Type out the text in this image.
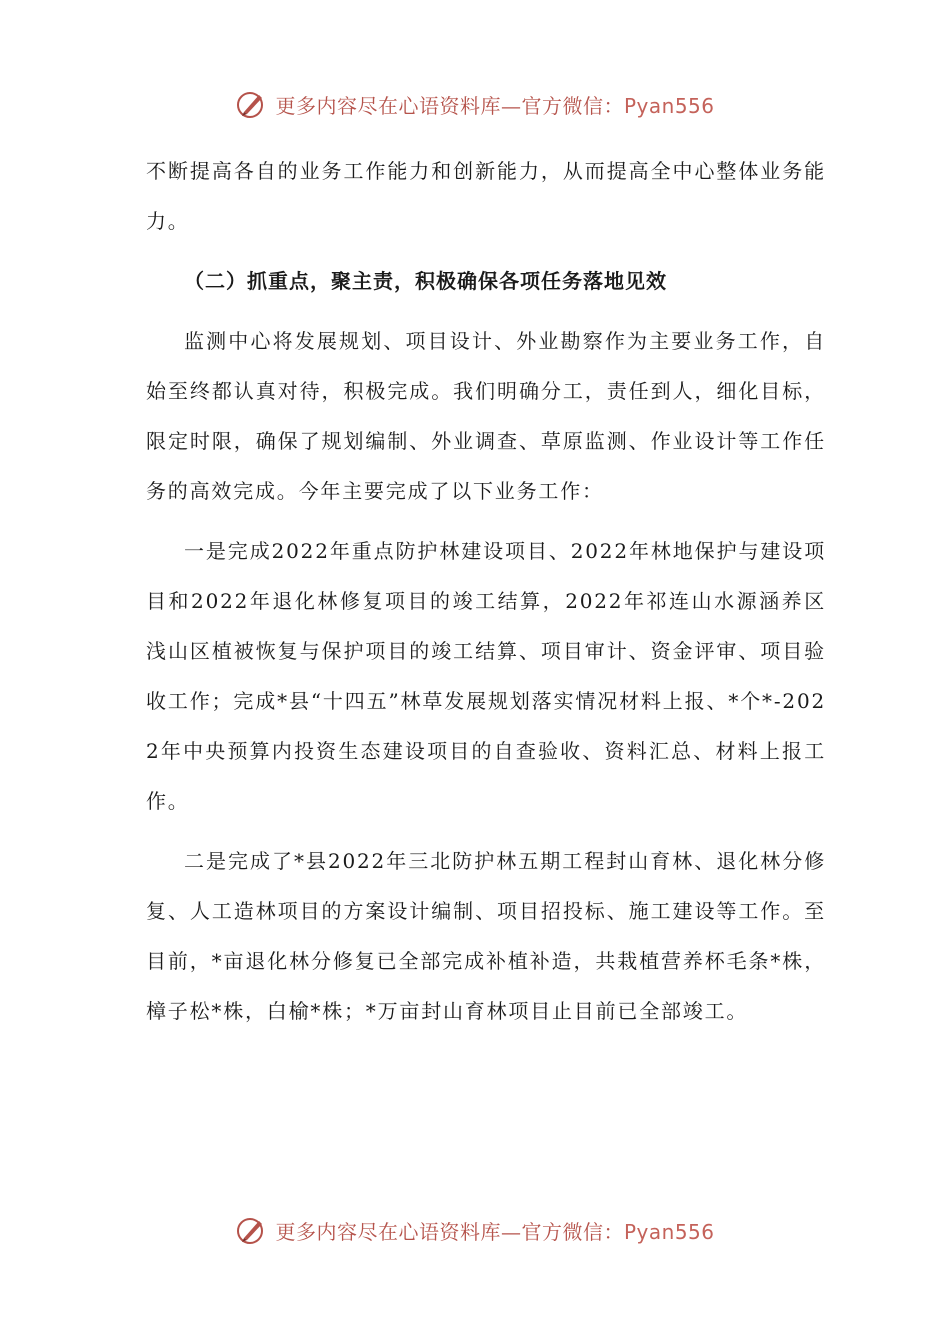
更多内容尽在心语资料库—官方微信：Pyan556

不断提高各自的业务工作能力和创新能力，从而提高全中心整体业务能力。

（二）抓重点，聚主责，积极确保各项任务落地见效

监测中心将发展规划、项目设计、外业勘察作为主要业务工作，自始至终都认真对待，积极完成。我们明确分工，责任到人，细化目标，限定时限，确保了规划编制、外业调查、草原监测、作业设计等工作任务的高效完成。今年主要完成了以下业务工作：

一是完成2022年重点防护林建设项目、2022年林地保护与建设项目和2022年退化林修复项目的竣工结算，2022年祁连山水源涵养区浅山区植被恢复与保护项目的竣工结算、项目审计、资金评审、项目验收工作；完成*县“十四五”林草发展规划落实情况材料上报、*个*-2022年中央预算内投资生态建设项目的自查验收、资料汇总、材料上报工作。

二是完成了*县2022年三北防护林五期工程封山育林、退化林分修复、人工造林项目的方案设计编制、项目招投标、施工建设等工作。至目前，*亩退化林分修复已全部完成补植补造，共栽植营养杯毛条*株，樟子松*株，白榆*株；*万亩封山育林项目止目前已全部竣工。

更多内容尽在心语资料库—官方微信：Pyan556
